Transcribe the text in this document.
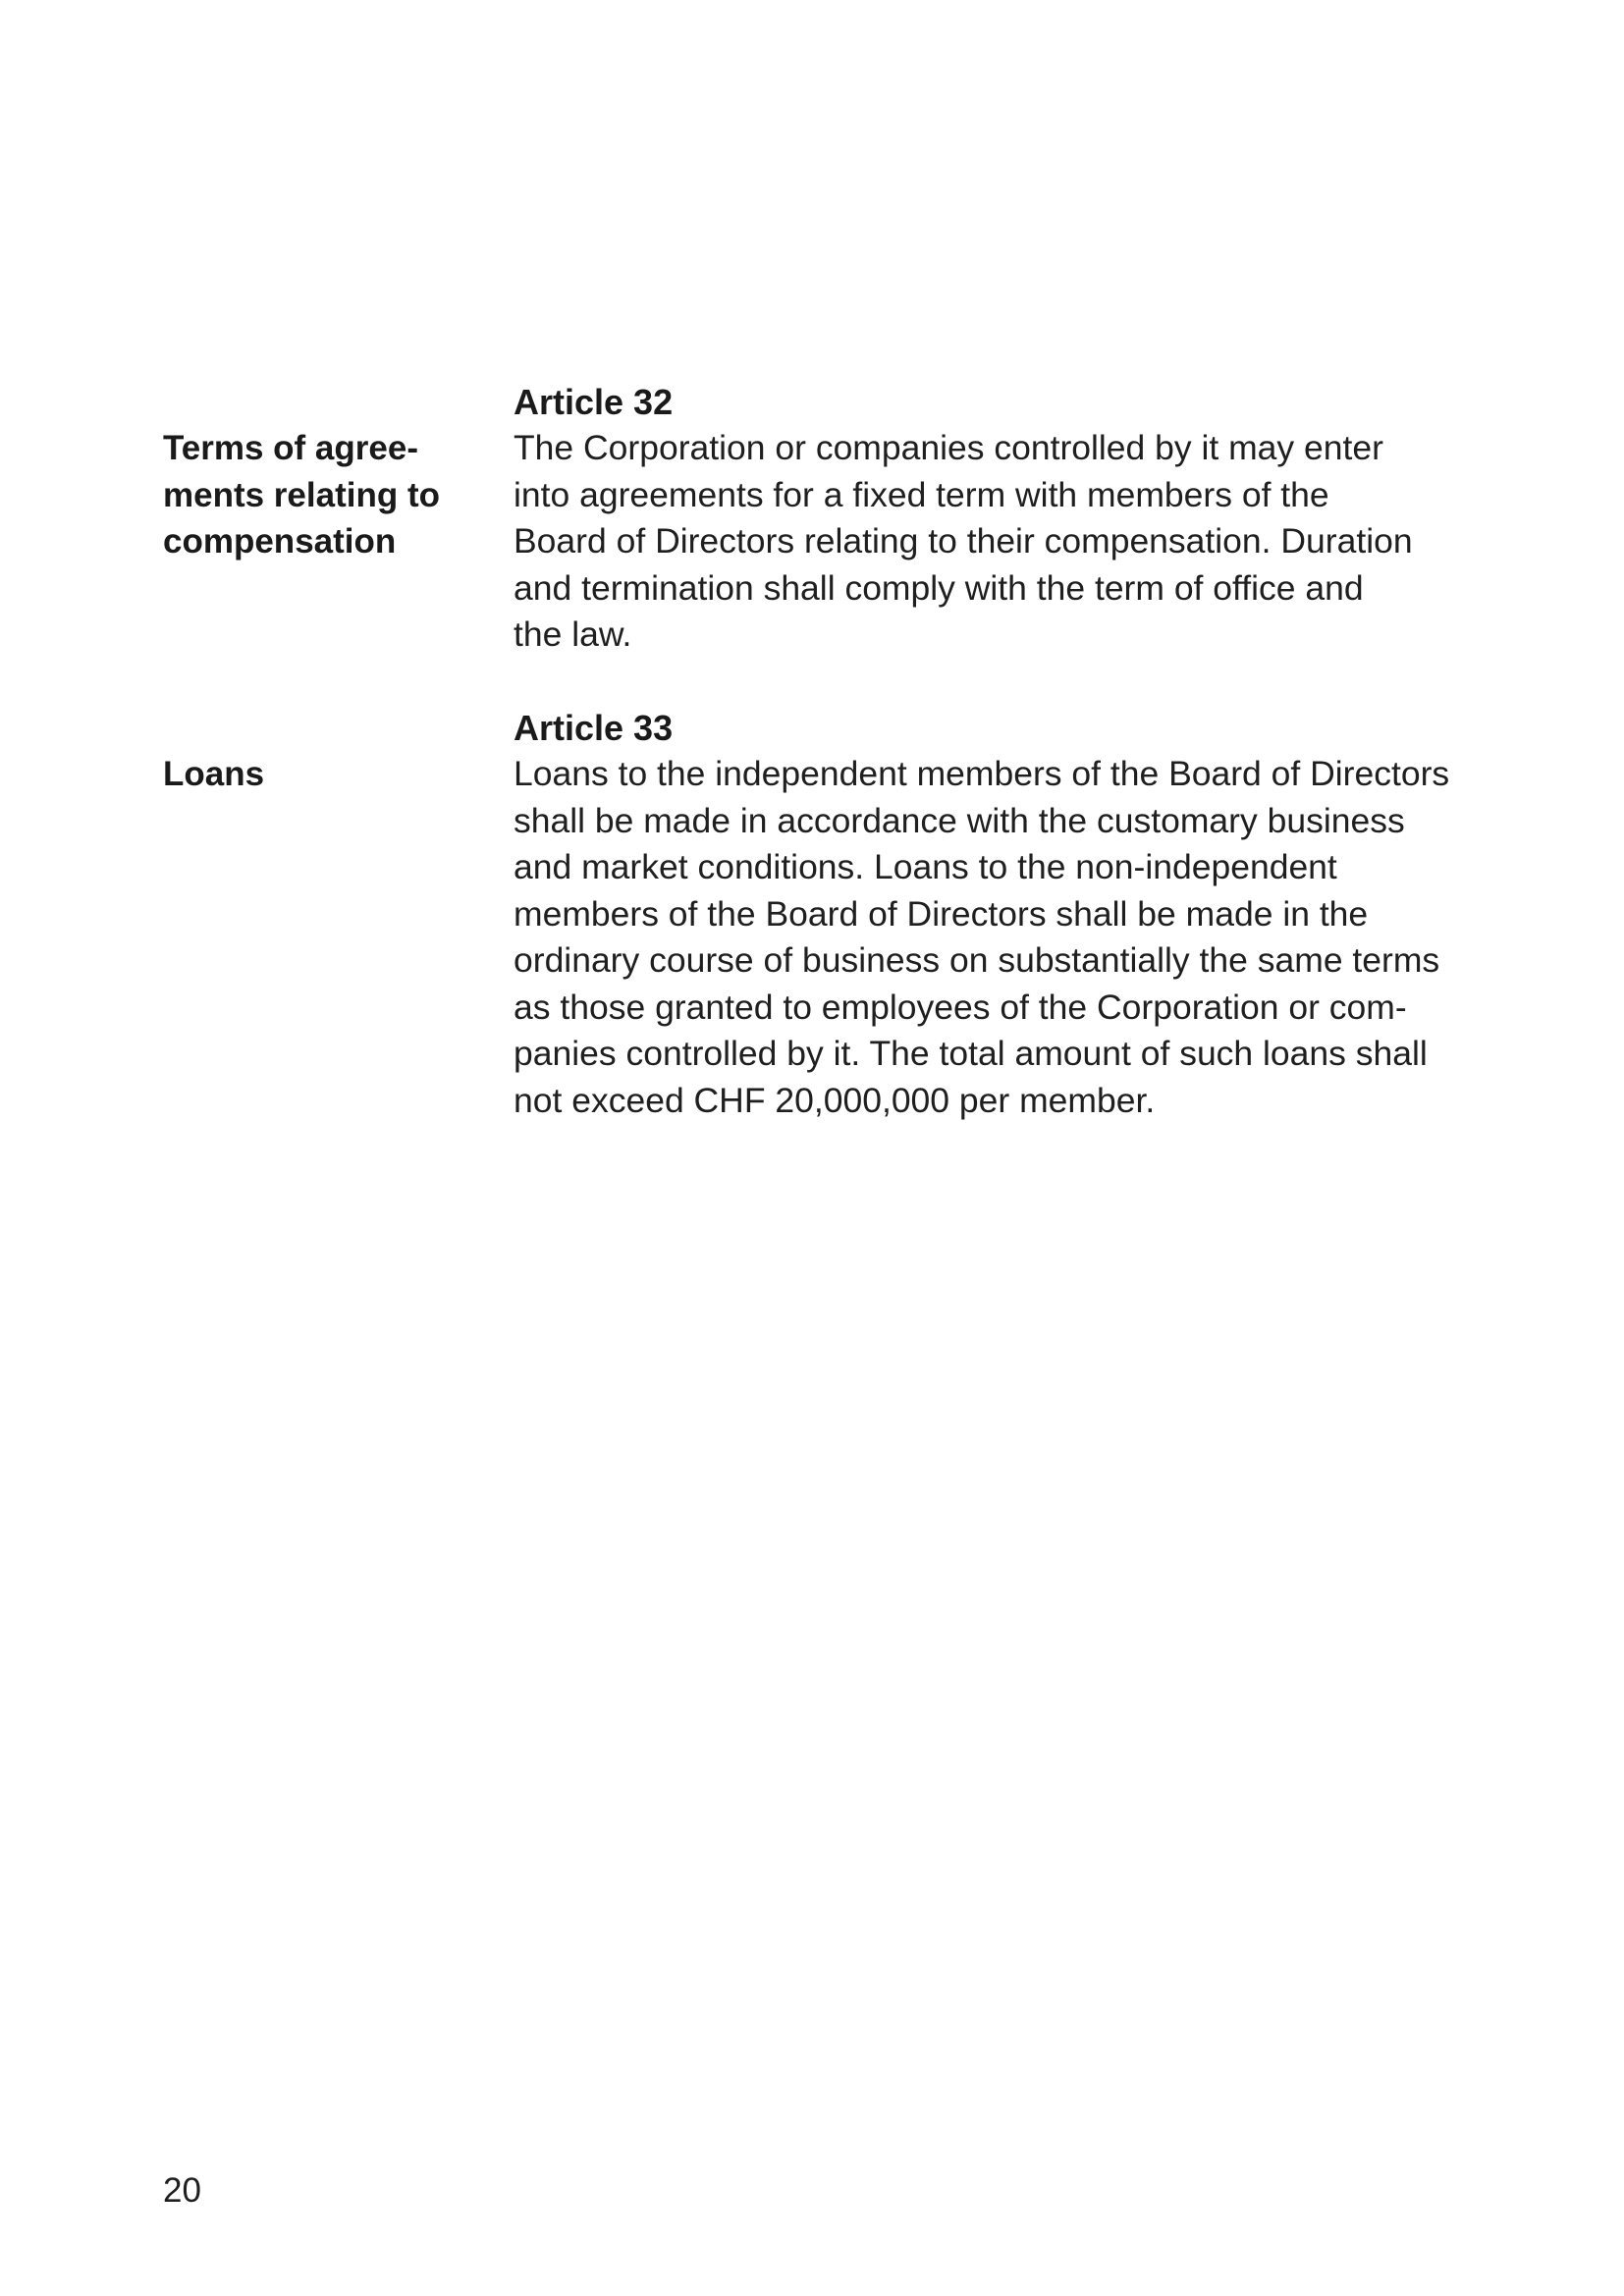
Article 32
Terms of agree-
ments relating to
compensation
The Corporation or companies controlled by it may enter
into agreements for a fixed term with members of the
Board of Directors relating to their compensation. Duration
and termination shall comply with the term of office and
the law.
Article 33
Loans	Loans to the independent members of the Board of Directors
shall be made in accordance with the customary business
and market conditions. Loans to the non-independent
members of the Board of Directors shall be made in the
ordinary course of business on substantially the same terms
as those granted to employees of the Corporation or com-
panies controlled by it. The total amount of such loans shall
not exceed CHF 20,000,000 per member.
20
